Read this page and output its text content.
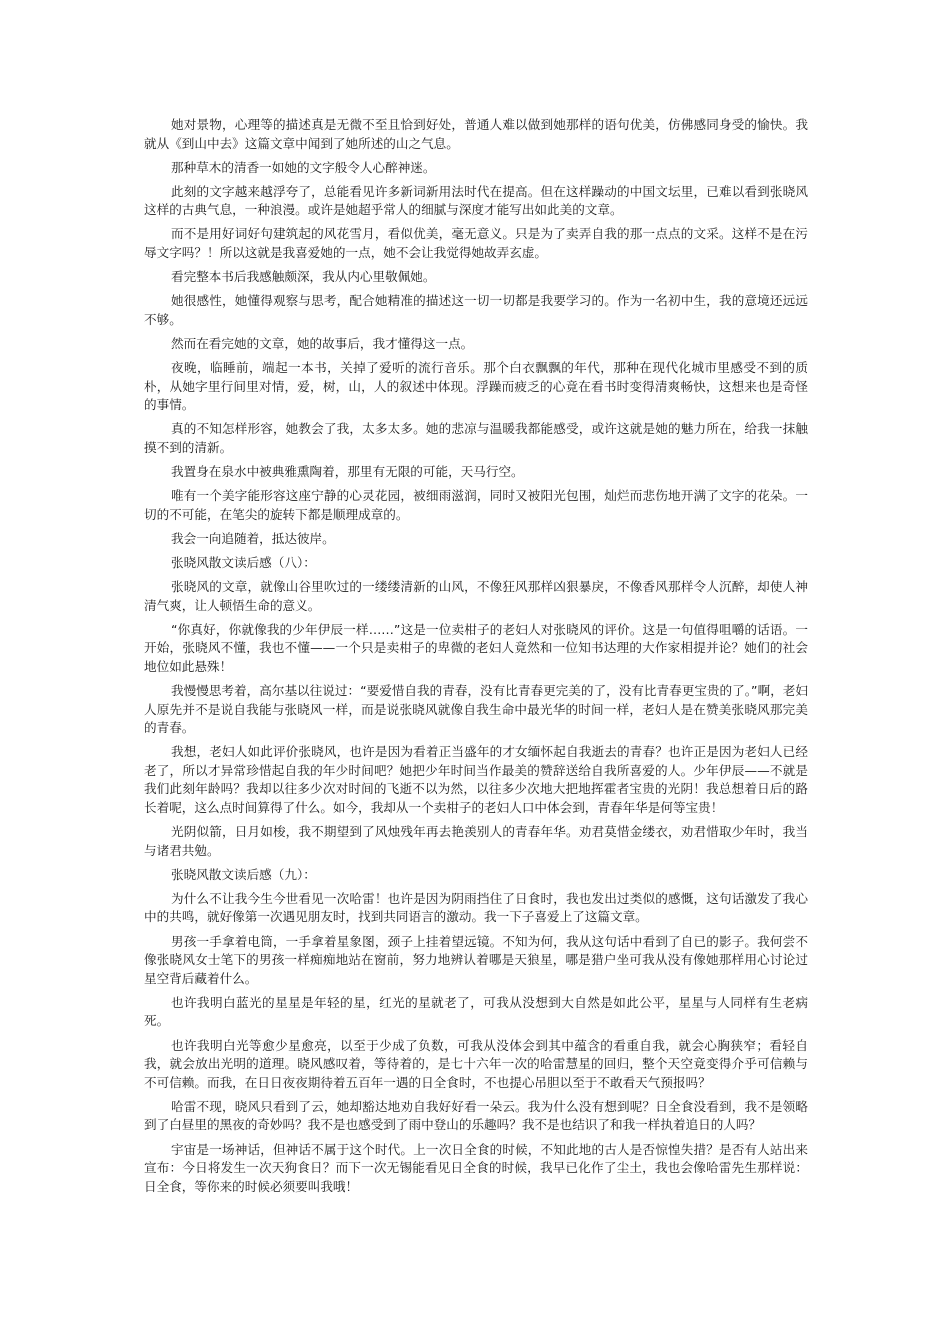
她对景物，心理等的描述真是无微不至且恰到好处，普通人难以做到她那样的语句优美，仿佛感同身受的愉快。我就从《到山中去》这篇文章中闻到了她所述的山之气息。

那种草木的清香一如她的文字般令人心醉神迷。

此刻的文字越来越浮夸了，总能看见许多新词新用法时代在提高。但在这样躁动的中国文坛里，已难以看到张晓风这样的古典气息，一种浪漫。或许是她超乎常人的细腻与深度才能写出如此美的文章。

而不是用好词好句建筑起的风花雪月，看似优美，毫无意义。只是为了卖弄自我的那一点点的文采。这样不是在污辱文字吗？！所以这就是我喜爱她的一点，她不会让我觉得她故弄玄虚。

看完整本书后我感触颇深，我从内心里敬佩她。

她很感性，她懂得观察与思考，配合她精准的描述这一切一切都是我要学习的。作为一名初中生，我的意境还远远不够。

然而在看完她的文章，她的故事后，我才懂得这一点。

夜晚，临睡前，端起一本书，关掉了爱听的流行音乐。那个白衣飘飘的年代，那种在现代化城市里感受不到的质朴，从她字里行间里对情，爱，树，山，人的叙述中体现。浮躁而疲乏的心竟在看书时变得清爽畅快，这想来也是奇怪的事情。

真的不知怎样形容，她教会了我，太多太多。她的悲凉与温暖我都能感受，或许这就是她的魅力所在，给我一抹触摸不到的清新。

我置身在泉水中被典雅熏陶着，那里有无限的可能，天马行空。

唯有一个美字能形容这座宁静的心灵花园，被细雨滋润，同时又被阳光包围，灿烂而悲伤地开满了文字的花朵。一切的不可能，在笔尖的旋转下都是顺理成章的。

我会一向追随着，抵达彼岸。

张晓风散文读后感（八）：

张晓风的文章，就像山谷里吹过的一缕缕清新的山风，不像狂风那样凶狠暴戾，不像香风那样令人沉醉，却使人神清气爽，让人顿悟生命的意义。

“你真好，你就像我的少年伊辰一样……”这是一位卖柑子的老妇人对张晓风的评价。这是一句值得咀嚼的话语。一开始，张晓风不懂，我也不懂——一个只是卖柑子的卑微的老妇人竟然和一位知书达理的大作家相提并论？她们的社会地位如此悬殊！

我慢慢思考着，高尔基以往说过：“要爱惜自我的青春，没有比青春更完美的了，没有比青春更宝贵的了。”啊，老妇人原先并不是说自我能与张晓风一样，而是说张晓风就像自我生命中最光华的时间一样，老妇人是在赞美张晓风那完美的青春。

我想，老妇人如此评价张晓风，也许是因为看着正当盛年的才女缅怀起自我逝去的青春？也许正是因为老妇人已经老了，所以才异常珍惜起自我的年少时间吧？她把少年时间当作最美的赞辞送给自我所喜爱的人。少年伊辰——不就是我们此刻年龄吗？我却以往多少次对时间的飞逝不以为然，以往多少次地大把地挥霍者宝贵的光阴！我总想着日后的路长着呢，这么点时间算得了什么。如今，我却从一个卖柑子的老妇人口中体会到，青春年华是何等宝贵！

光阴似箭，日月如梭，我不期望到了风烛残年再去艳羡别人的青春年华。劝君莫惜金缕衣，劝君惜取少年时，我当与诸君共勉。

张晓风散文读后感（九）：

为什么不让我今生今世看见一次哈雷！也许是因为阴雨挡住了日食时，我也发出过类似的感慨，这句话激发了我心中的共鸣，就好像第一次遇见朋友时，找到共同语言的激动。我一下子喜爱上了这篇文章。

男孩一手拿着电筒，一手拿着星象图，颈子上挂着望远镜。不知为何，我从这句话中看到了自已的影子。我何尝不像张晓风女士笔下的男孩一样痴痴地站在窗前，努力地辨认着哪是天狼星，哪是猎户坐可我从没有像她那样用心讨论过星空背后藏着什么。

也许我明白蓝光的星星是年轻的星，红光的星就老了，可我从没想到大自然是如此公平，星星与人同样有生老病死。

也许我明白光等愈少星愈亮，以至于少成了负数，可我从没体会到其中蕴含的看重自我，就会心胸狭窄；看轻自我，就会放出光明的道理。晓风感叹着，等待着的，是七十六年一次的哈雷慧星的回归，整个天空竟变得介乎可信赖与不可信赖。而我，在日日夜夜期待着五百年一遇的日全食时，不也提心吊胆以至于不敢看天气预报吗？

哈雷不现，晓风只看到了云，她却豁达地劝自我好好看一朵云。我为什么没有想到呢？日全食没看到，我不是领略到了白昼里的黑夜的奇妙吗？我不是也感受到了雨中登山的乐趣吗？我不是也结识了和我一样执着追日的人吗？

宇宙是一场神话，但神话不属于这个时代。上一次日全食的时候，不知此地的古人是否惊惶失措？是否有人站出来宣布：今日将发生一次天狗食日？而下一次无锡能看见日全食的时候，我早已化作了尘土，我也会像哈雷先生那样说：日全食，等你来的时候必须要叫我哦！
